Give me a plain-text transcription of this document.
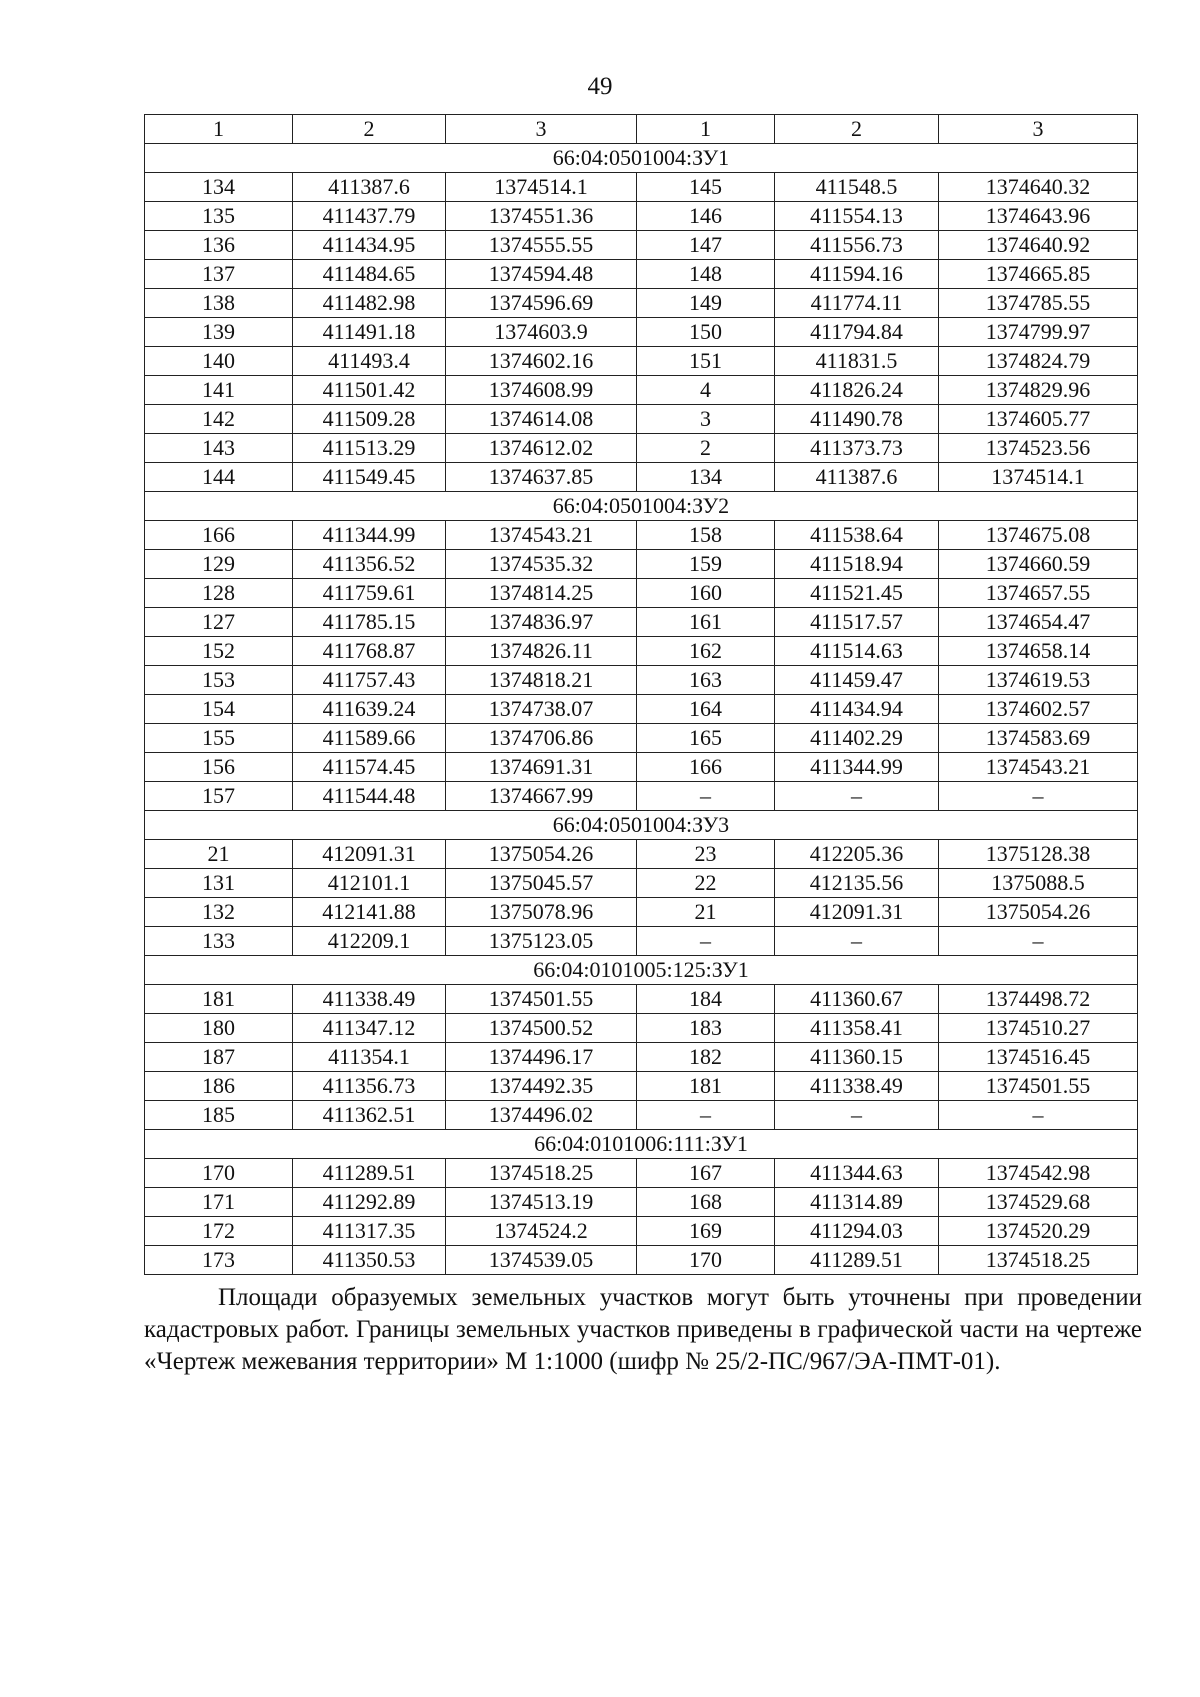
49
1	2	3	1	2	3
66:04:0501004:ЗУ1					
134	411387.6	1374514.1	145	411548.5	1374640.32
135	411437.79	1374551.36	146	411554.13	1374643.96
136	411434.95	1374555.55	147	411556.73	1374640.92
137	411484.65	1374594.48	148	411594.16	1374665.85
138	411482.98	1374596.69	149	411774.11	1374785.55
139	411491.18	1374603.9	150	411794.84	1374799.97
140	411493.4	1374602.16	151	411831.5	1374824.79
141	411501.42	1374608.99	4	411826.24	1374829.96
142	411509.28	1374614.08	3	411490.78	1374605.77
143	411513.29	1374612.02	2	411373.73	1374523.56
144	411549.45	1374637.85	134	411387.6	1374514.1
66:04:0501004:ЗУ2					
166	411344.99	1374543.21	158	411538.64	1374675.08
129	411356.52	1374535.32	159	411518.94	1374660.59
128	411759.61	1374814.25	160	411521.45	1374657.55
127	411785.15	1374836.97	161	411517.57	1374654.47
152	411768.87	1374826.11	162	411514.63	1374658.14
153	411757.43	1374818.21	163	411459.47	1374619.53
154	411639.24	1374738.07	164	411434.94	1374602.57
155	411589.66	1374706.86	165	411402.29	1374583.69
156	411574.45	1374691.31	166	411344.99	1374543.21
157	411544.48	1374667.99	–	–	–
66:04:0501004:ЗУ3					
21	412091.31	1375054.26	23	412205.36	1375128.38
131	412101.1	1375045.57	22	412135.56	1375088.5
132	412141.88	1375078.96	21	412091.31	1375054.26
133	412209.1	1375123.05	–	–	–
66:04:0101005:125:ЗУ1					
181	411338.49	1374501.55	184	411360.67	1374498.72
180	411347.12	1374500.52	183	411358.41	1374510.27
187	411354.1	1374496.17	182	411360.15	1374516.45
186	411356.73	1374492.35	181	411338.49	1374501.55
185	411362.51	1374496.02	–	–	–
66:04:0101006:111:ЗУ1					
170	411289.51	1374518.25	167	411344.63	1374542.98
171	411292.89	1374513.19	168	411314.89	1374529.68
172	411317.35	1374524.2	169	411294.03	1374520.29
173	411350.53	1374539.05	170	411289.51	1374518.25

Площади образуемых земельных участков могут быть уточнены при проведении кадастровых работ. Границы земельных участков приведены в графической части на чертеже «Чертеж межевания территории» М 1:1000 (шифр № 25/2-ПС/967/ЭА-ПМТ-01).
